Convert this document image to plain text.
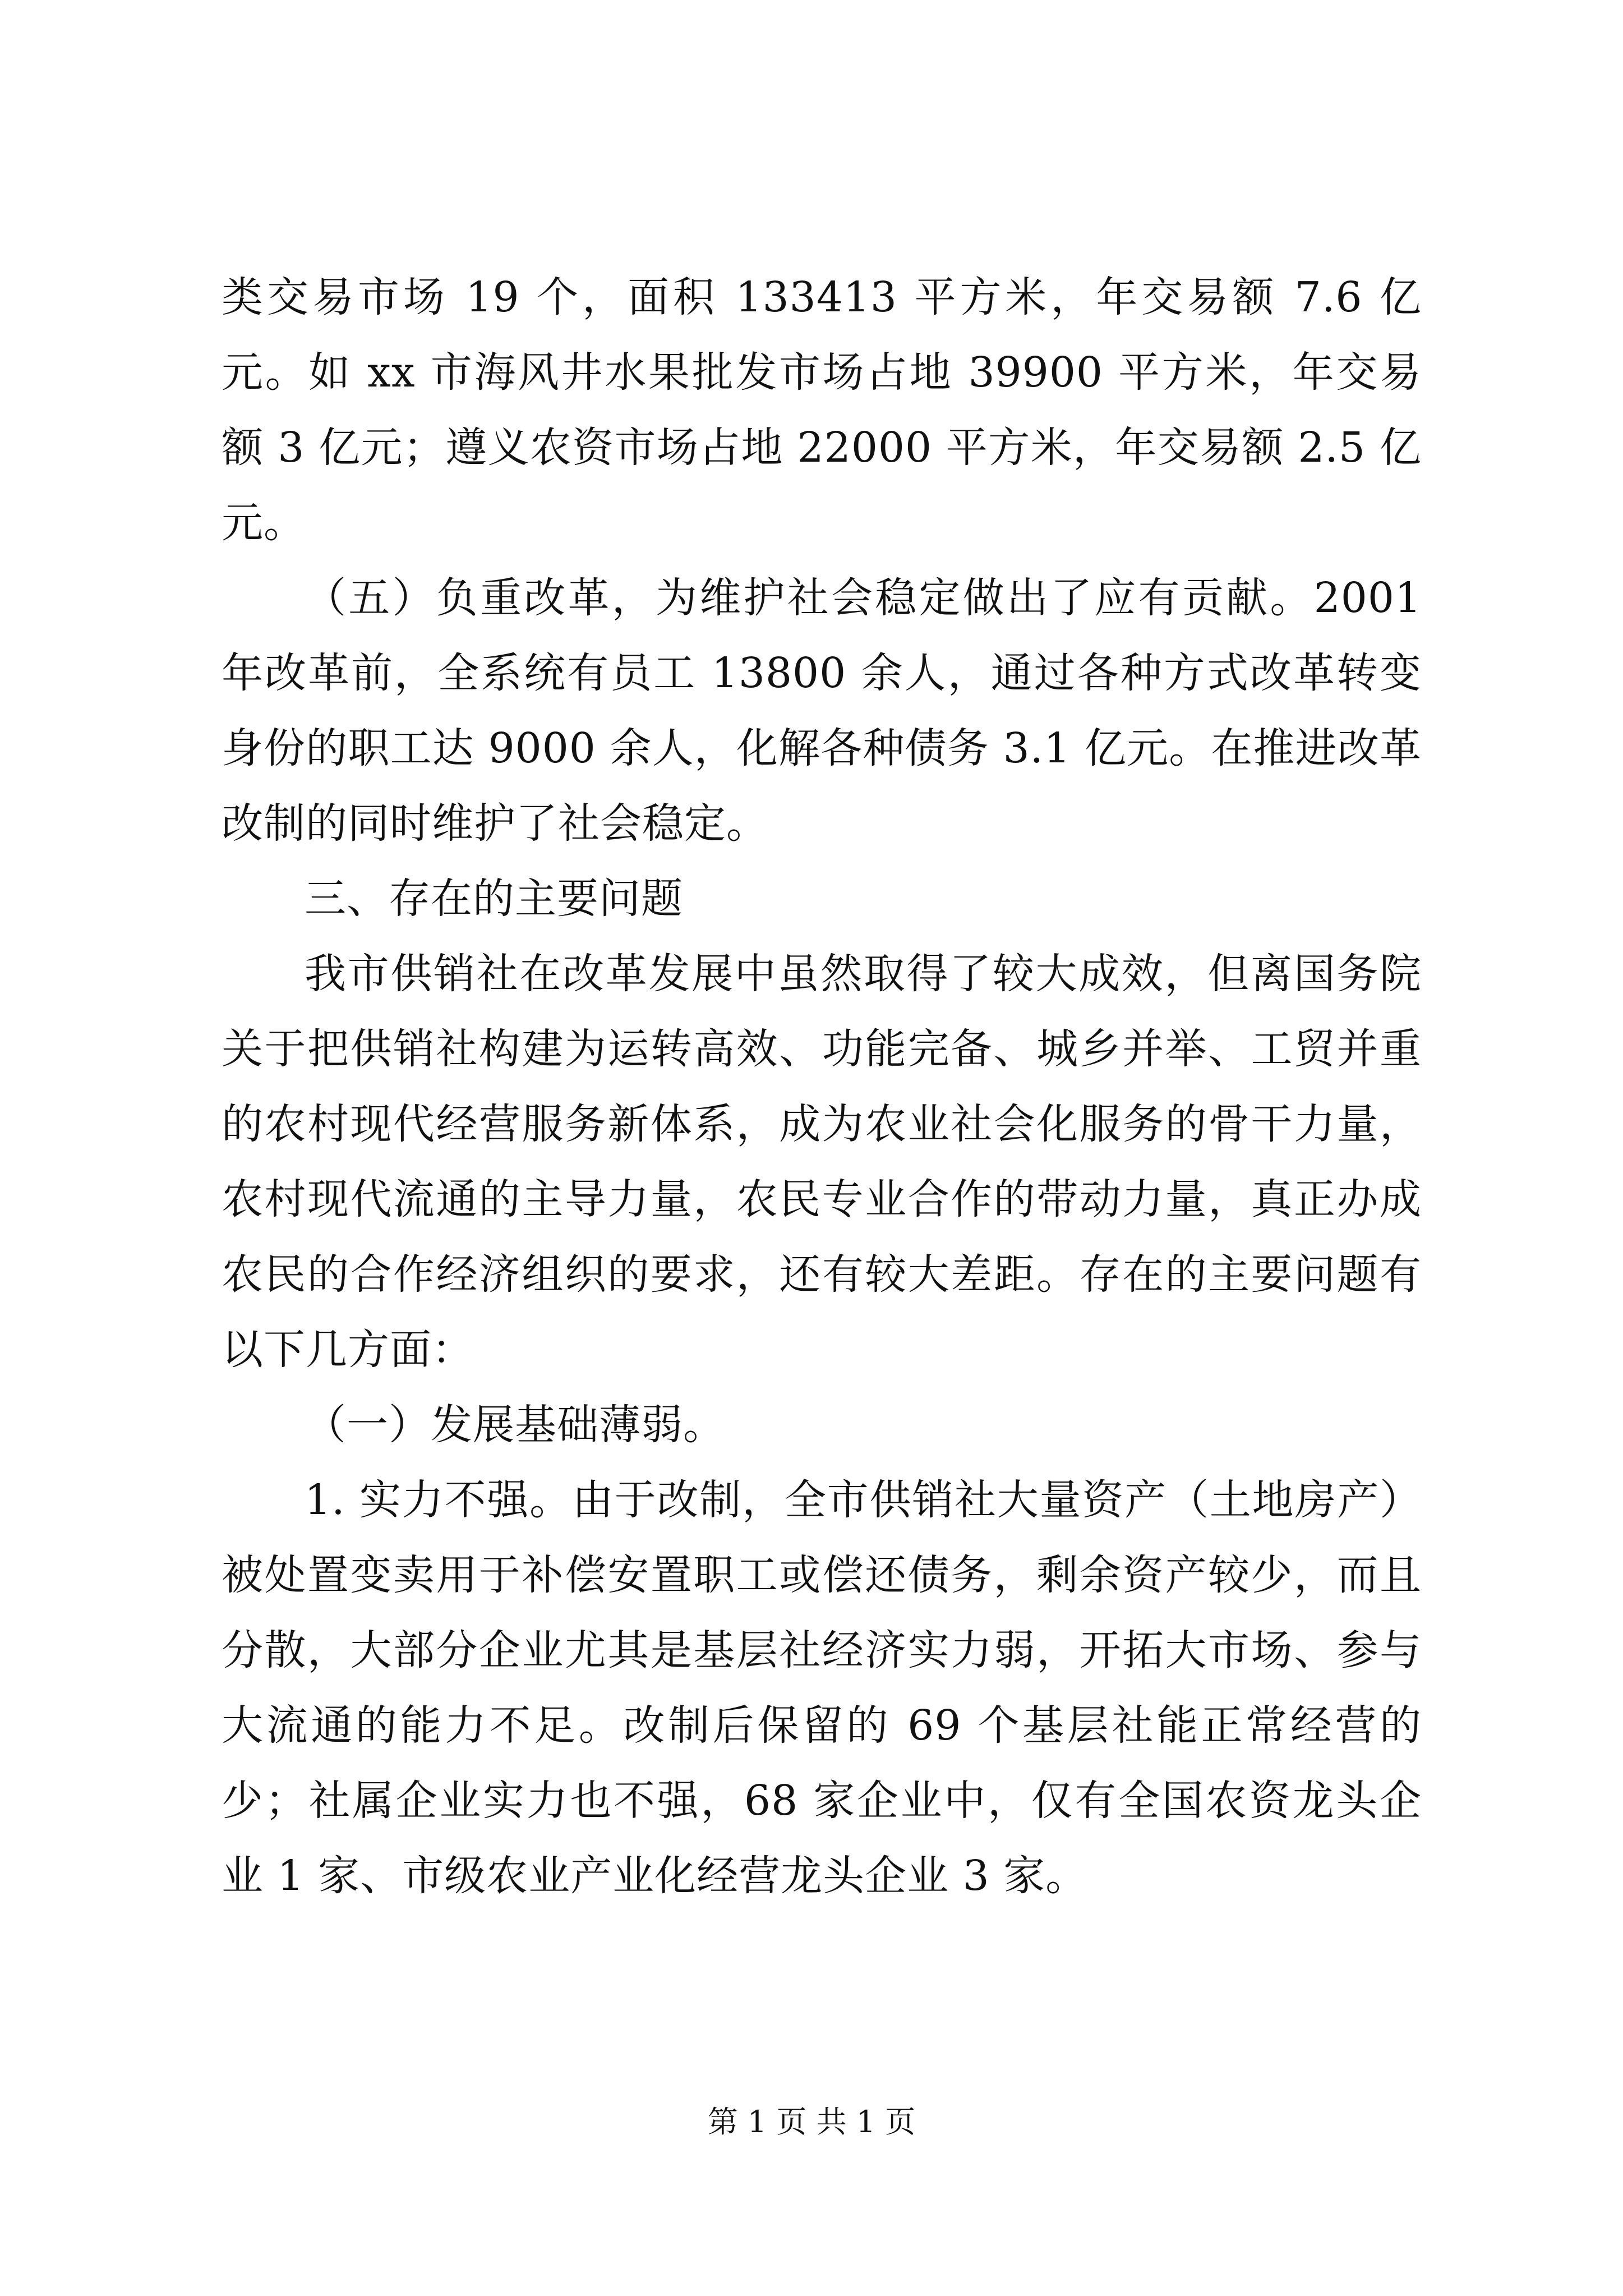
类交易市场 19 个，面积 133413 平方米，年交易额 7.6 亿元。如 xx 市海风井水果批发市场占地 39900 平方米，年交易额 3 亿元；遵义农资市场占地 22000 平方米，年交易额 2.5 亿元。

（五）负重改革，为维护社会稳定做出了应有贡献。2001 年改革前，全系统有员工 13800 余人，通过各种方式改革转变身份的职工达 9000 余人，化解各种债务 3.1 亿元。在推进改革改制的同时维护了社会稳定。

三、存在的主要问题

我市供销社在改革发展中虽然取得了较大成效，但离国务院关于把供销社构建为运转高效、功能完备、城乡并举、工贸并重的农村现代经营服务新体系，成为农业社会化服务的骨干力量，农村现代流通的主导力量，农民专业合作的带动力量，真正办成农民的合作经济组织的要求，还有较大差距。存在的主要问题有以下几方面：

（一）发展基础薄弱。

1. 实力不强。由于改制，全市供销社大量资产（土地房产）被处置变卖用于补偿安置职工或偿还债务，剩余资产较少，而且分散，大部分企业尤其是基层社经济实力弱，开拓大市场、参与大流通的能力不足。改制后保留的 69 个基层社能正常经营的少；社属企业实力也不强，68 家企业中，仅有全国农资龙头企业 1 家、市级农业产业化经营龙头企业 3 家。

第 1 页 共 1 页
